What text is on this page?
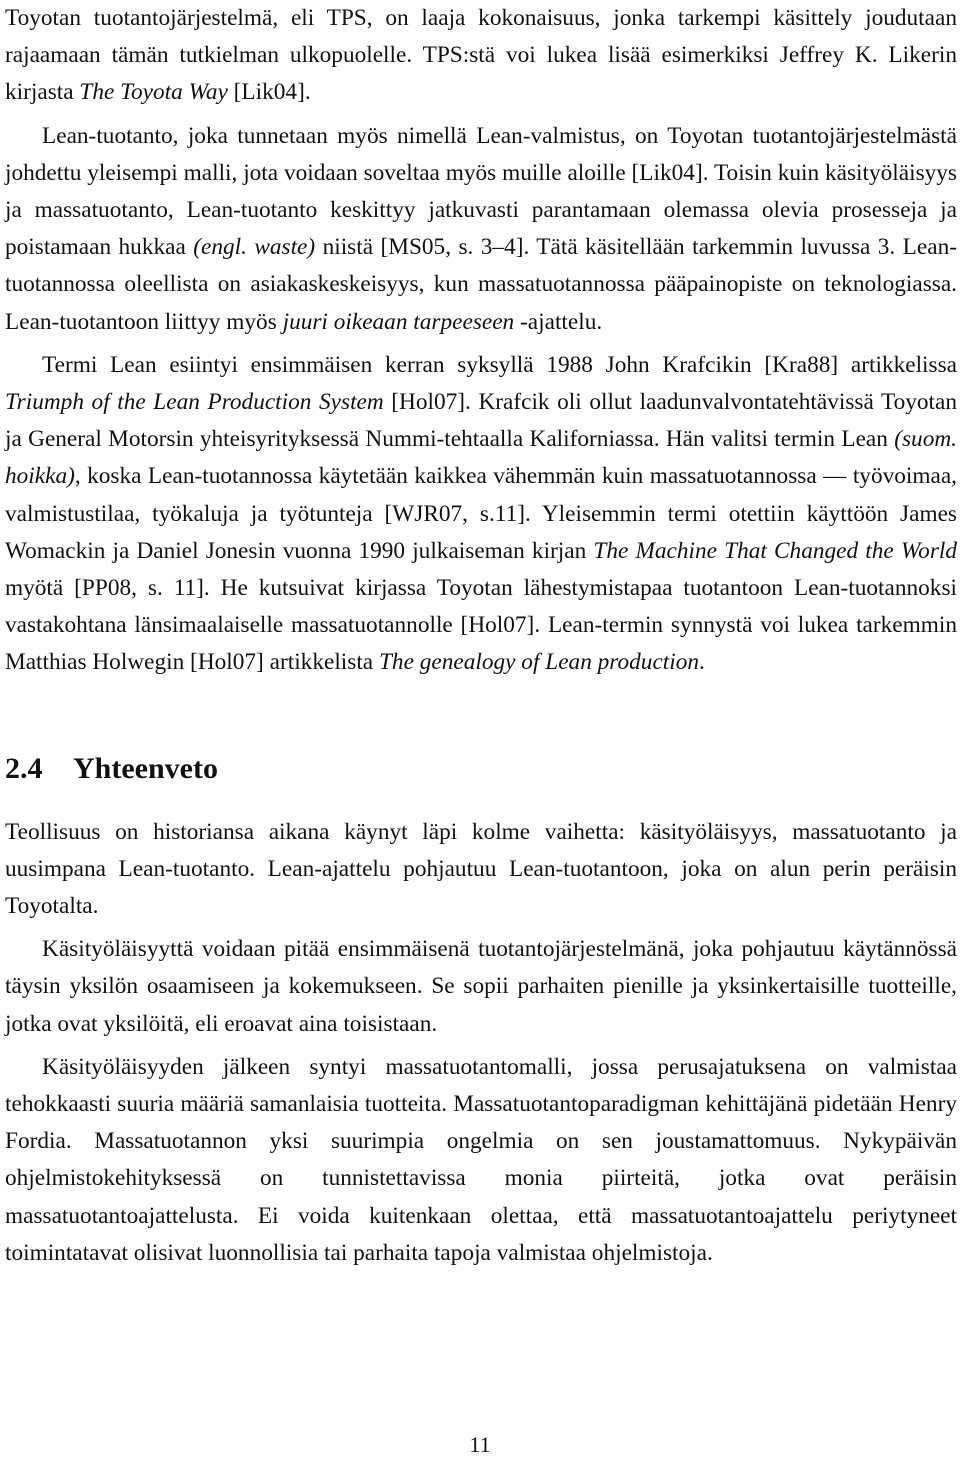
Toyotan tuotantojärjestelmä, eli TPS, on laaja kokonaisuus, jonka tarkempi käsittely joudutaan rajaamaan tämän tutkielman ulkopuolelle. TPS:stä voi lukea lisää esimerkiksi Jeffrey K. Likerin kirjasta The Toyota Way [Lik04].

Lean-tuotanto, joka tunnetaan myös nimellä Lean-valmistus, on Toyotan tuotantojärjestelmästä johdettu yleisempi malli, jota voidaan soveltaa myös muille aloille [Lik04]. Toisin kuin käsityöläisyys ja massatuotanto, Lean-tuotanto keskittyy jatkuvasti parantamaan olemassa olevia prosesseja ja poistamaan hukkaa (engl. waste) niistä [MS05, s. 3–4]. Tätä käsitellään tarkemmin luvussa 3. Lean-tuotannossa oleellista on asiakaskeskeisyys, kun massatuotannossa pääpainopiste on teknologiassa. Lean-tuotantoon liittyy myös juuri oikeaan tarpeeseen -ajattelu.

Termi Lean esiintyi ensimmäisen kerran syksyllä 1988 John Krafcikin [Kra88] artikkelissa Triumph of the Lean Production System [Hol07]. Krafcik oli ollut laadunvalvontatehtävissä Toyotan ja General Motorsin yhteisyrityksessä Nummi-tehtaalla Kaliforniassa. Hän valitsi termin Lean (suom. hoikka), koska Lean-tuotannossa käytetään kaikkea vähemmän kuin massatuotannossa — työvoimaa, valmistustilaa, työkaluja ja työtunteja [WJR07, s.11]. Yleisemmin termi otettiin käyttöön James Womackin ja Daniel Jonesin vuonna 1990 julkaiseman kirjan The Machine That Changed the World myötä [PP08, s. 11]. He kutsuivat kirjassa Toyotan lähestymistapaa tuotantoon Lean-tuotannoksi vastakohtana länsimaalaiselle massatuotannolle [Hol07]. Lean-termin synnystä voi lukea tarkemmin Matthias Holwegin [Hol07] artikkelista The genealogy of Lean production.

2.4 Yhteenveto

Teollisuus on historiansa aikana käynyt läpi kolme vaihetta: käsityöläisyys, massatuotanto ja uusimpana Lean-tuotanto. Lean-ajattelu pohjautuu Lean-tuotantoon, joka on alun perin peräisin Toyotalta.

Käsityöläisyyttä voidaan pitää ensimmäisenä tuotantojärjestelmänä, joka pohjautuu käytännössä täysin yksilön osaamiseen ja kokemukseen. Se sopii parhaiten pienille ja yksinkertaisille tuotteille, jotka ovat yksilöitä, eli eroavat aina toisistaan.

Käsityöläisyyden jälkeen syntyi massatuotantomalli, jossa perusajatuksena on valmistaa tehokkaasti suuria määriä samanlaisia tuotteita. Massatuotantoparadigman kehittäjänä pidetään Henry Fordia. Massatuotannon yksi suurimpia ongelmia on sen joustamattomuus. Nykypäivän ohjelmistokehityksessä on tunnistettavissa monia piirteitä, jotka ovat peräisin massatuotantoajattelusta. Ei voida kuitenkaan olettaa, että massatuotantoajattelu periytyneet toimintatavat olisivat luonnollisia tai parhaita tapoja valmistaa ohjelmistoja.

11
